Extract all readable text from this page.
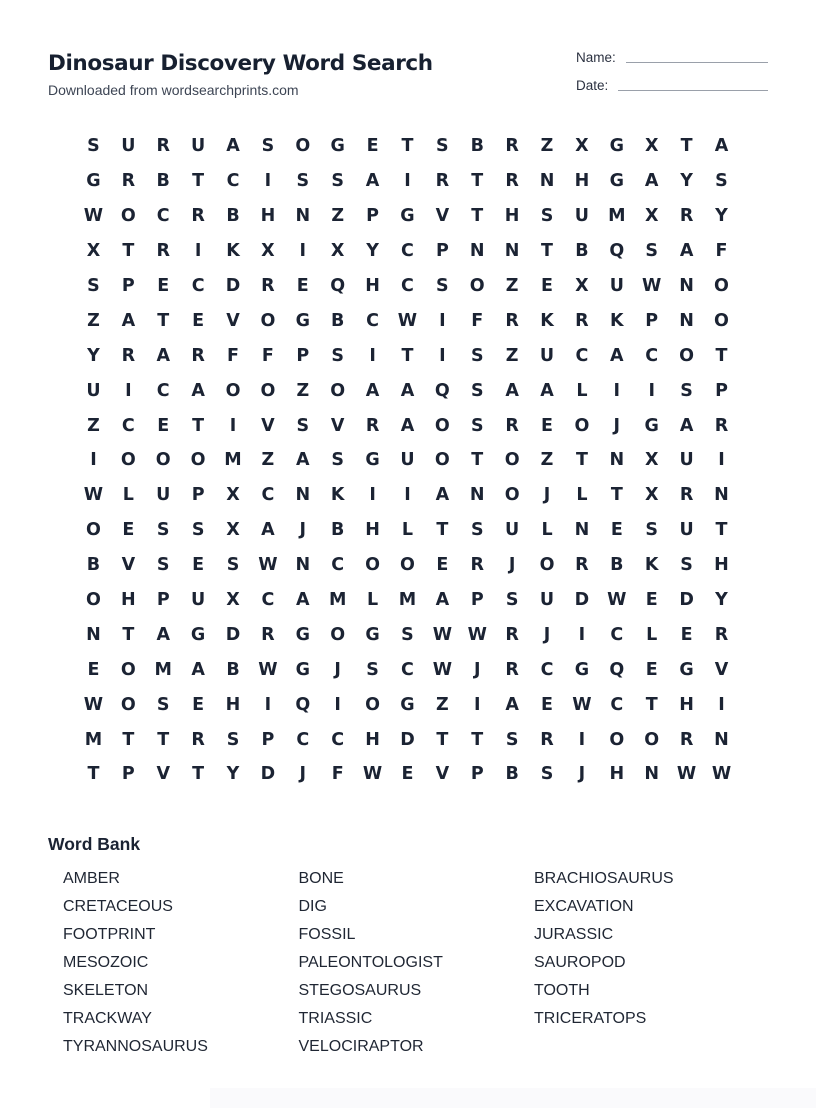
Dinosaur Discovery Word Search
Downloaded from wordsearchprints.com
Name:
Date:
S	U	R	U	A	S	O	G	E	T	S	B	R	Z	X	G	X	T	A
G	R	B	T	C	I	S	S	A	I	R	T	R	N	H	G	A	Y	S
W	O	C	R	B	H	N	Z	P	G	V	T	H	S	U	M	X	R	Y
X	T	R	I	K	X	I	X	Y	C	P	N	N	T	B	Q	S	A	F
S	P	E	C	D	R	E	Q	H	C	S	O	Z	E	X	U	W	N	O
Z	A	T	E	V	O	G	B	C	W	I	F	R	K	R	K	P	N	O
Y	R	A	R	F	F	P	S	I	T	I	S	Z	U	C	A	C	O	T
U	I	C	A	O	O	Z	O	A	A	Q	S	A	A	L	I	I	S	P
Z	C	E	T	I	V	S	V	R	A	O	S	R	E	O	J	G	A	R
I	O	O	O	M	Z	A	S	G	U	O	T	O	Z	T	N	X	U	I
W	L	U	P	X	C	N	K	I	I	A	N	O	J	L	T	X	R	N
O	E	S	S	X	A	J	B	H	L	T	S	U	L	N	E	S	U	T
B	V	S	E	S	W	N	C	O	O	E	R	J	O	R	B	K	S	H
O	H	P	U	X	C	A	M	L	M	A	P	S	U	D	W	E	D	Y
N	T	A	G	D	R	G	O	G	S	W W	R	J	I	C	L	E	R
E	O	M	A	B	W	G	J	S	C	W	J	R	C	G	Q	E	G	V
W	O	S	E	H	I	Q	I	O	G	Z	I	A	E	W	C	T	H	I
M	T	T	R	S	P	C	C	H	D	T	T	S	R	I	O	O	R	N
T	P	V	T	Y	D	J	F	W	E	V	P	B	S	J	H	N	W W
Word Bank
AMBER	BONE	BRACHIOSAURUS
CRETACEOUS	DIG	EXCAVATION
FOOTPRINT	FOSSIL	JURASSIC
MESOZOIC	PALEONTOLOGIST	SAUROPOD
SKELETON	STEGOSAURUS	TOOTH
TRACKWAY	TRIASSIC	TRICERATOPS
TYRANNOSAURUS	VELOCIRAPTOR
